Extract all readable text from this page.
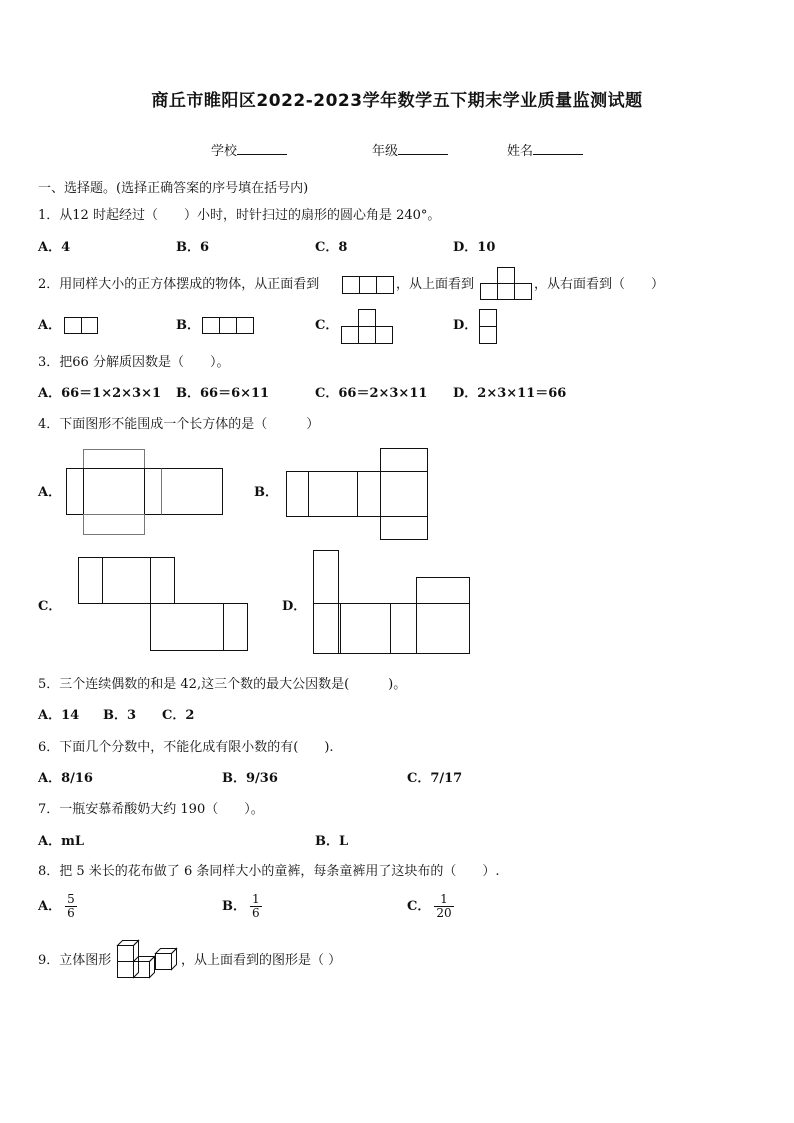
商丘市睢阳区2022-2023学年数学五下期末学业质量监测试题
学校	年级	姓名
一、选择题。(选择正确答案的序号填在括号内)
1．从12 时起经过（　　）小时，时针扫过的扇形的圆心角是 240°。
A．4	B．6	C．8	D．10
2．用同样大小的正方体摆成的物体，从正面看到	，从上面看到	，从右面看到（　　）
A．	B．	C．	D．
3．把66 分解质因数是（　　）。
A．66＝1×2×3×1 B．66＝6×11	C．66＝2×3×11 D．2×3×11＝66
4．下面图形不能围成一个长方体的是（　　　）
A．	B．
C．	D．
5．三个连续偶数的和是 42,这三个数的最大公因数是(　　　)。
A．14 B．3 C．2
6．下面几个分数中，不能化成有限小数的有(　　).
A．8/16	B．9/36	C．7/17
7．一瓶安慕希酸奶大约 190（　　）。
A．mL	B．L
8．把 5 米长的花布做了 6 条同样大小的童裤，每条童裤用了这块布的（　　）.
A． $\frac{5}{6}$	B． $\frac{1}{6}$	C． $\frac{1}{20}$
9．立体图形	，从上面看到的图形是（ ）
